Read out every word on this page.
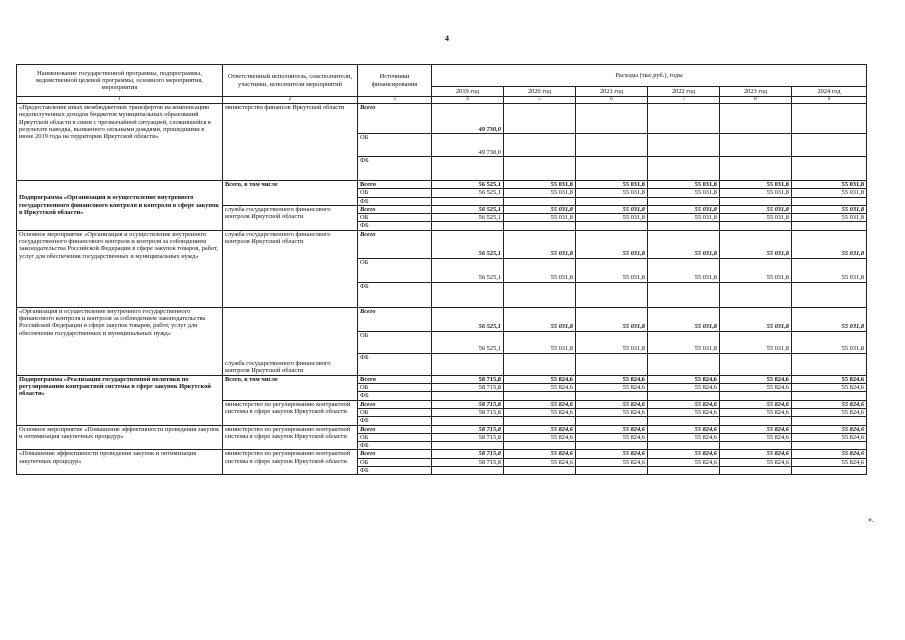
4
Наименование государственной программы, подпрограммы, ведомственной целевой программы, основного мероприятия, мероприятия	Ответственный исполнитель, соисполнители, участники, исполнители мероприятий	Источники финансирования	Расходы (тыс.руб.), годы					
			2019 год	2020 год	2021 год	2022 год	2023 год	2024 год
1	2	3	4	5	6	7	8	9
«Предоставление иных межбюджетных трансфертов на компенсацию недополученных доходов бюджетов муниципальных образований Иркутской области в связи с чрезвычайной ситуацией, сложившейся в результате паводка, вызванного сильными дождями, прошедшими в июне 2019 года на территории Иркутской области»	министерство финансов Иркутской области	Всего	49 730,0					
		ОБ	49 730,0					
		ФБ						
Подпрограмма «Организация и осуществление внутреннего государственного финансового контроля и контроля в сфере закупок в Иркутской области»	Всего, в том числе	Всего	56 525,1	55 031,8	55 031,8	55 031,8	55 031,8	55 031,8
		ОБ	56 525,1	55 031,8	55 031,8	55 031,8	55 031,8	55 031,8
		ФБ						
	служба государственного финансового контроля Иркутской области	Всего	56 525,1	55 031,8	55 031,8	55 031,8	55 031,8	55 031,8
		ОБ	56 525,1	55 031,8	55 031,8	55 031,8	55 031,8	55 031,8
		ФБ						
Основное мероприятие «Организация и осуществление внутреннего государственного финансового контроля и контроля за соблюдением законодательства Российской Федерации в сфере закупок товаров, работ, услуг для обеспечения государственных и муниципальных нужд»	служба государственного финансового контроля Иркутской области	Всего	56 525,1	55 031,8	55 031,8	55 031,8	55 031,8	55 031,8
		ОБ	56 525,1	55 031,8	55 031,8	55 031,8	55 031,8	55 031,8
		ФБ						
«Организация и осуществление внутреннего государственного финансового контроля и контроля за соблюдением законодательства Российской Федерации в сфере закупок товаров, работ, услуг для обеспечения государственных и муниципальных нужд»	служба государственного финансового контроля Иркутской области	Всего	56 525,1	55 031,8	55 031,8	55 031,8	55 031,8	55 031,8
		ОБ	56 525,1	55 031,8	55 031,8	55 031,8	55 031,8	55 031,8
		ФБ						
Подпрограмма «Реализация государственной политики по регулированию контрактной системы в сфере закупок Иркутской области»	Всего, в том числе	Всего	58 715,8	55 824,6	55 824,6	55 824,6	55 824,6	55 824,6
		ОБ	58 715,8	55 824,6	55 824,6	55 824,6	55 824,6	55 824,6
		ФБ						
	министерство по регулированию контрактной системы в сфере закупок Иркутской области	Всего	58 715,8	55 824,6	55 824,6	55 824,6	55 824,6	55 824,6
		ОБ	58 715,8	55 824,6	55 824,6	55 824,6	55 824,6	55 824,6
		ФБ						
Основное мероприятие «Повышение эффективности проведения закупок и оптимизация закупочных процедур»	министерство по регулированию контрактной системы в сфере закупок Иркутской области	Всего	58 715,8	55 824,6	55 824,6	55 824,6	55 824,6	55 824,6
		ОБ	58 715,8	55 824,6	55 824,6	55 824,6	55 824,6	55 824,6
		ФБ						
«Повышение эффективности проведения закупок и оптимизация закупочных процедур»	министерство по регулированию контрактной системы в сфере закупок Иркутской области	Всего	58 715,8	55 824,6	55 824,6	55 824,6	55 824,6	55 824,6
		ОБ	58 715,8	55 824,6	55 824,6	55 824,6	55 824,6	55 824,6
		ФБ						
».
